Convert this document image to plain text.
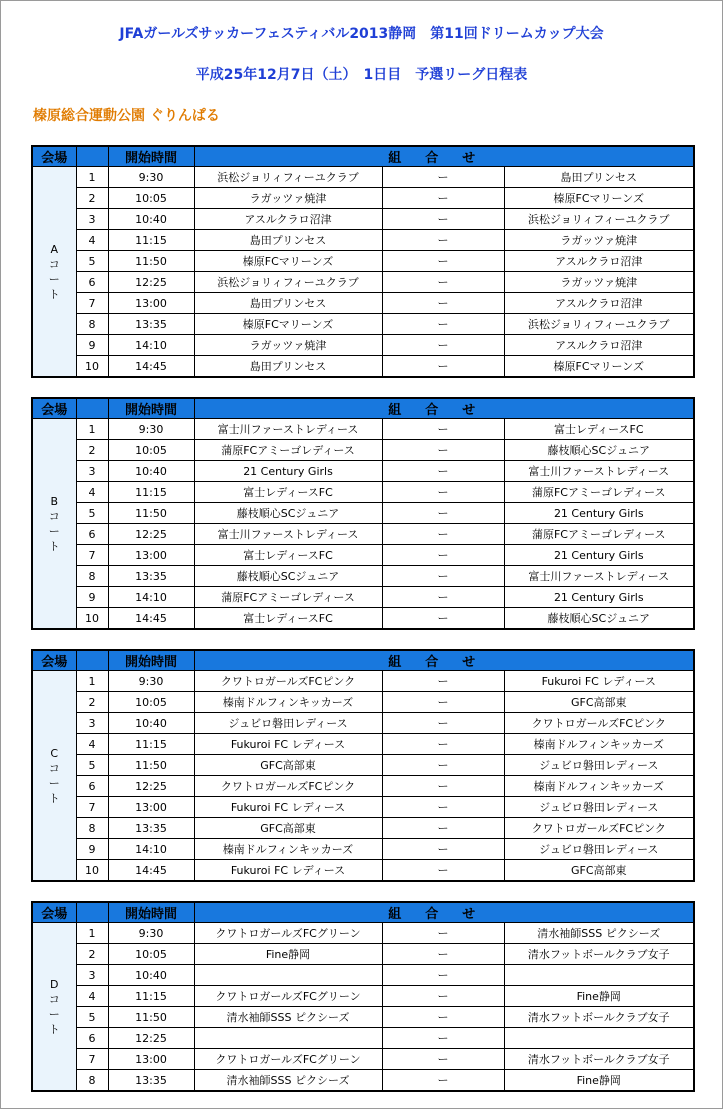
JFAガールズサッカーフェスティバル2013静岡　第11回ドリームカップ大会
平成25年12月7日（土）　1日目　予選リーグ日程表
榛原総合運動公園 ぐりんぱる
会場		開始時間	組合せ		

A
コ
ー
ト	1	9:30	浜松ジョリィフィーユクラブ	ー	島田プリンセス
	2	10:05	ラガッツァ焼津	ー	榛原FCマリーンズ
	3	10:40	アスルクラロ沼津	ー	浜松ジョリィフィーユクラブ
	4	11:15	島田プリンセス	ー	ラガッツァ焼津
	5	11:50	榛原FCマリーンズ	ー	アスルクラロ沼津
	6	12:25	浜松ジョリィフィーユクラブ	ー	ラガッツァ焼津
	7	13:00	島田プリンセス	ー	アスルクラロ沼津
	8	13:35	榛原FCマリーンズ	ー	浜松ジョリィフィーユクラブ
	9	14:10	ラガッツァ焼津	ー	アスルクラロ沼津
	10	14:45	島田プリンセス	ー	榛原FCマリーンズ
会場		開始時間	組合せ		

B
コ
ー
ト	1	9:30	富士川ファーストレディース	ー	富士レディースFC
	2	10:05	蒲原FCアミーゴレディース	ー	藤枝順心SCジュニア
	3	10:40	21 Century Girls	ー	富士川ファーストレディース
	4	11:15	富士レディースFC	ー	蒲原FCアミーゴレディース
	5	11:50	藤枝順心SCジュニア	ー	21 Century Girls
	6	12:25	富士川ファーストレディース	ー	蒲原FCアミーゴレディース
	7	13:00	富士レディースFC	ー	21 Century Girls
	8	13:35	藤枝順心SCジュニア	ー	富士川ファーストレディース
	9	14:10	蒲原FCアミーゴレディース	ー	21 Century Girls
	10	14:45	富士レディースFC	ー	藤枝順心SCジュニア
会場		開始時間	組合せ		

C
コ
ー
ト	1	9:30	クワトロガールズFCピンク	ー	Fukuroi FC レディース
	2	10:05	榛南ドルフィンキッカーズ	ー	GFC高部東
	3	10:40	ジュビロ磐田レディース	ー	クワトロガールズFCピンク
	4	11:15	Fukuroi FC レディース	ー	榛南ドルフィンキッカーズ
	5	11:50	GFC高部東	ー	ジュビロ磐田レディース
	6	12:25	クワトロガールズFCピンク	ー	榛南ドルフィンキッカーズ
	7	13:00	Fukuroi FC レディース	ー	ジュビロ磐田レディース
	8	13:35	GFC高部東	ー	クワトロガールズFCピンク
	9	14:10	榛南ドルフィンキッカーズ	ー	ジュビロ磐田レディース
	10	14:45	Fukuroi FC レディース	ー	GFC高部東
会場		開始時間	組合せ		

D
コ
ー
ト	1	9:30	クワトロガールズFCグリーン	ー	清水袖師SSS ピクシーズ
	2	10:05	Fine静岡	ー	清水フットボールクラブ女子
	3	10:40		ー	
	4	11:15	クワトロガールズFCグリーン	ー	Fine静岡
	5	11:50	清水袖師SSS ピクシーズ	ー	清水フットボールクラブ女子
	6	12:25		ー	
	7	13:00	クワトロガールズFCグリーン	ー	清水フットボールクラブ女子
	8	13:35	清水袖師SSS ピクシーズ	ー	Fine静岡
